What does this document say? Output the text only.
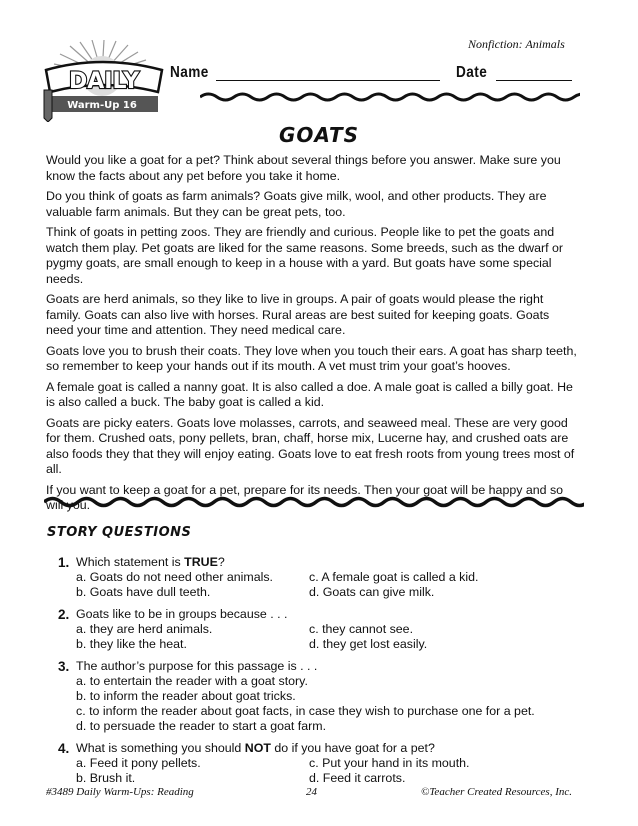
Nonfiction: Animals
DAILY
Warm-Up 16
Name	Date
GOATS

Would you like a goat for a pet? Think about several things before you answer. Make sure you know the facts about any pet before you take it home.

Do you think of goats as farm animals? Goats give milk, wool, and other products. They are valuable farm animals. But they can be great pets, too.

Think of goats in petting zoos. They are friendly and curious. People like to pet the goats and watch them play. Pet goats are liked for the same reasons. Some breeds, such as the dwarf or pygmy goats, are small enough to keep in a house with a yard. But goats have some special needs.

Goats are herd animals, so they like to live in groups. A pair of goats would please the right family. Goats can also live with horses. Rural areas are best suited for keeping goats. Goats need your time and attention. They need medical care.

Goats love you to brush their coats. They love when you touch their ears. A goat has sharp teeth, so remember to keep your hands out if its mouth. A vet must trim your goat’s hooves.

A female goat is called a nanny goat. It is also called a doe. A male goat is called a billy goat. He is also called a buck. The baby goat is called a kid.

Goats are picky eaters. Goats love molasses, carrots, and seaweed meal. These are very good for them. Crushed oats, pony pellets, bran, chaff, horse mix, Lucerne hay, and crushed oats are also foods they that they will enjoy eating. Goats love to eat fresh roots from young trees most of all.

If you want to keep a goat for a pet, prepare for its needs. Then your goat will be happy and so will you.

STORY QUESTIONS
1. Which statement is TRUE?
a. Goats do not need other animals.	c. A female goat is called a kid.
b. Goats have dull teeth.	d. Goats can give milk.
2. Goats like to be in groups because . . .
a. they are herd animals.	c. they cannot see.
b. they like the heat.	d. they get lost easily.
3. The author’s purpose for this passage is . . .
a. to entertain the reader with a goat story.
b. to inform the reader about goat tricks.
c. to inform the reader about goat facts, in case they wish to purchase one for a pet.
d. to persuade the reader to start a goat farm.
4. What is something you should NOT do if you have goat for a pet?
a. Feed it pony pellets.	c. Put your hand in its mouth.
b. Brush it.	d. Feed it carrots.
#3489 Daily Warm-Ups: Reading	24	©Teacher Created Resources, Inc.
